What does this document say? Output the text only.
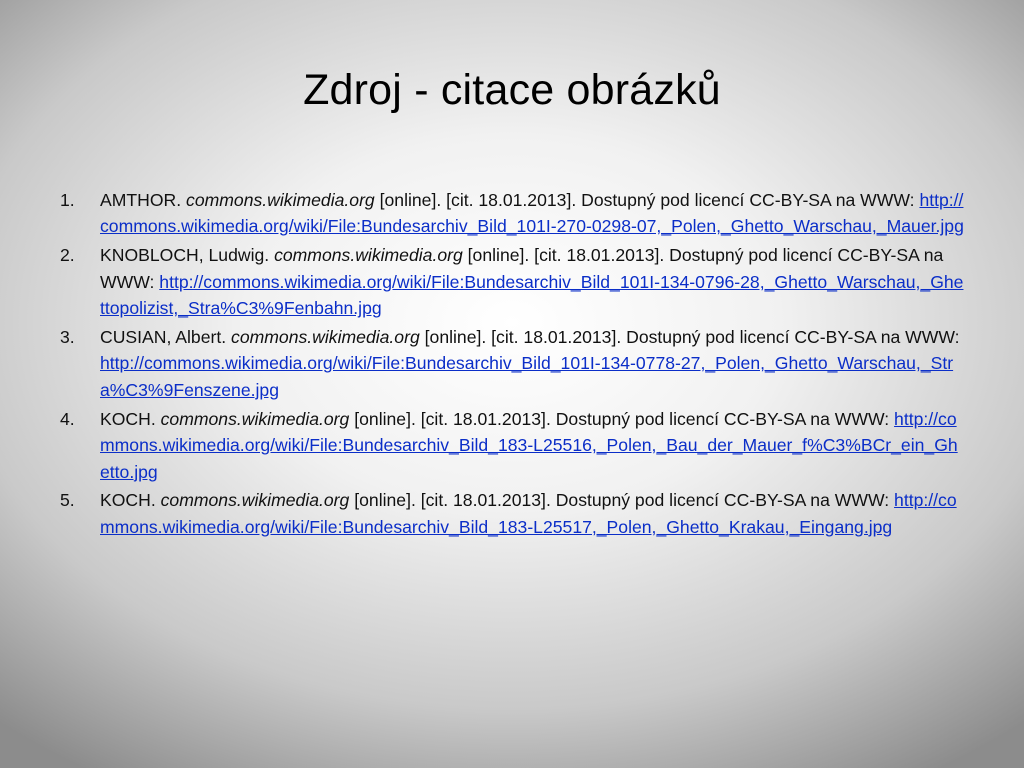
Zdroj - citace obrázků
1. AMTHOR. commons.wikimedia.org [online]. [cit. 18.01.2013]. Dostupný pod licencí CC-BY-SA na WWW: http://commons.wikimedia.org/wiki/File:Bundesarchiv_Bild_101I-270-0298-07,_Polen,_Ghetto_Warschau,_Mauer.jpg
2. KNOBLOCH, Ludwig. commons.wikimedia.org [online]. [cit. 18.01.2013]. Dostupný pod licencí CC-BY-SA na WWW: http://commons.wikimedia.org/wiki/File:Bundesarchiv_Bild_101I-134-0796-28,_Ghetto_Warschau,_Ghettopolizist,_Stra%C3%9Fenbahn.jpg
3. CUSIAN, Albert. commons.wikimedia.org [online]. [cit. 18.01.2013]. Dostupný pod licencí CC-BY-SA na WWW: http://commons.wikimedia.org/wiki/File:Bundesarchiv_Bild_101I-134-0778-27,_Polen,_Ghetto_Warschau,_Stra%C3%9Fenszene.jpg
4. KOCH. commons.wikimedia.org [online]. [cit. 18.01.2013]. Dostupný pod licencí CC-BY-SA na WWW: http://commons.wikimedia.org/wiki/File:Bundesarchiv_Bild_183-L25516,_Polen,_Bau_der_Mauer_f%C3%BCr_ein_Ghetto.jpg
5. KOCH. commons.wikimedia.org [online]. [cit. 18.01.2013]. Dostupný pod licencí CC-BY-SA na WWW: http://commons.wikimedia.org/wiki/File:Bundesarchiv_Bild_183-L25517,_Polen,_Ghetto_Krakau,_Eingang.jpg
